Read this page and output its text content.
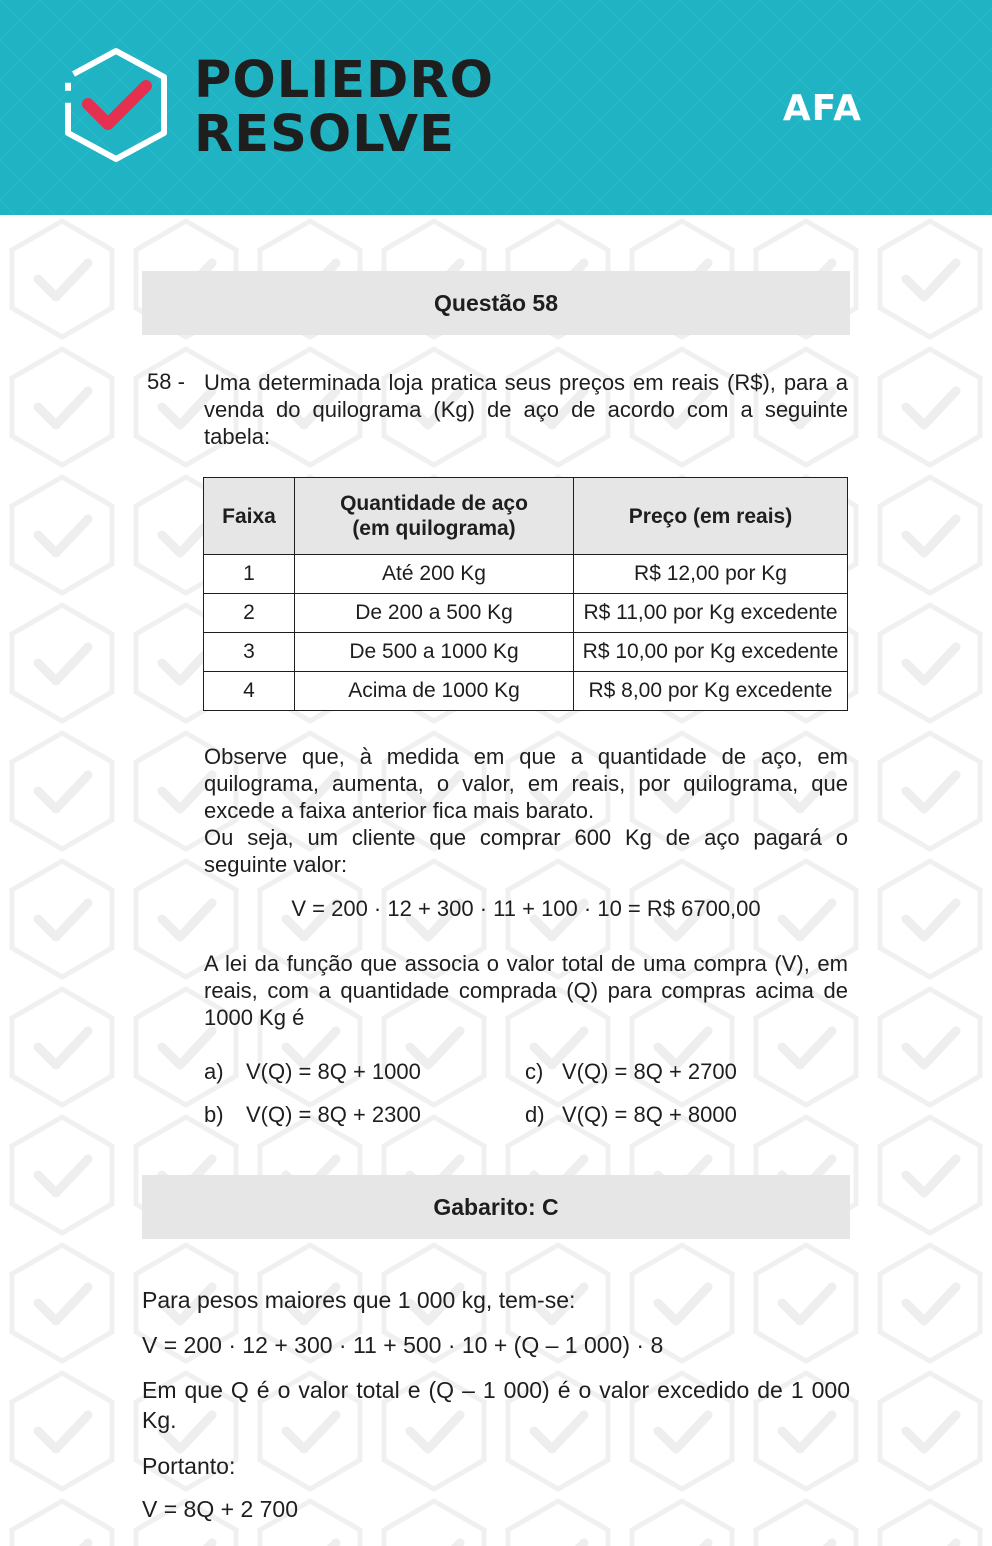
POLIEDRO
RESOLVE	AFA
Questão 58
58 - Uma determinada loja pratica seus preços em reais (R$), para a venda do quilograma (Kg) de aço de acordo com a seguinte tabela:
Faixa	Quantidade de aço (em quilograma)	Preço (em reais)
1	Até 200 Kg	R$ 12,00 por Kg
2	De 200 a 500 Kg	R$ 11,00 por Kg excedente
3	De 500 a 1000 Kg	R$ 10,00 por Kg excedente
4	Acima de 1000 Kg	R$ 8,00 por Kg excedente

Observe que, à medida em que a quantidade de aço, em quilograma, aumenta, o valor, em reais, por quilograma, que excede a faixa anterior fica mais barato.

Ou seja, um cliente que comprar 600 Kg de aço pagará o seguinte valor:

V = 200 · 12 + 300 · 11 + 100 · 10 = R$ 6700,00
A lei da função que associa o valor total de uma compra (V), em reais, com a quantidade comprada (Q) para compras acima de 1000 Kg é
a) V(Q) = 8Q + 1000
b) V(Q) = 8Q + 2300
c) V(Q) = 8Q + 2700
d) V(Q) = 8Q + 8000
Gabarito: C
Para pesos maiores que 1 000 kg, tem-se:
V = 200 · 12 + 300 · 11 + 500 · 10 + (Q – 1 000) · 8
Em que Q é o valor total e (Q – 1 000) é o valor excedido de 1 000 Kg.
Portanto:
V = 8Q + 2 700
